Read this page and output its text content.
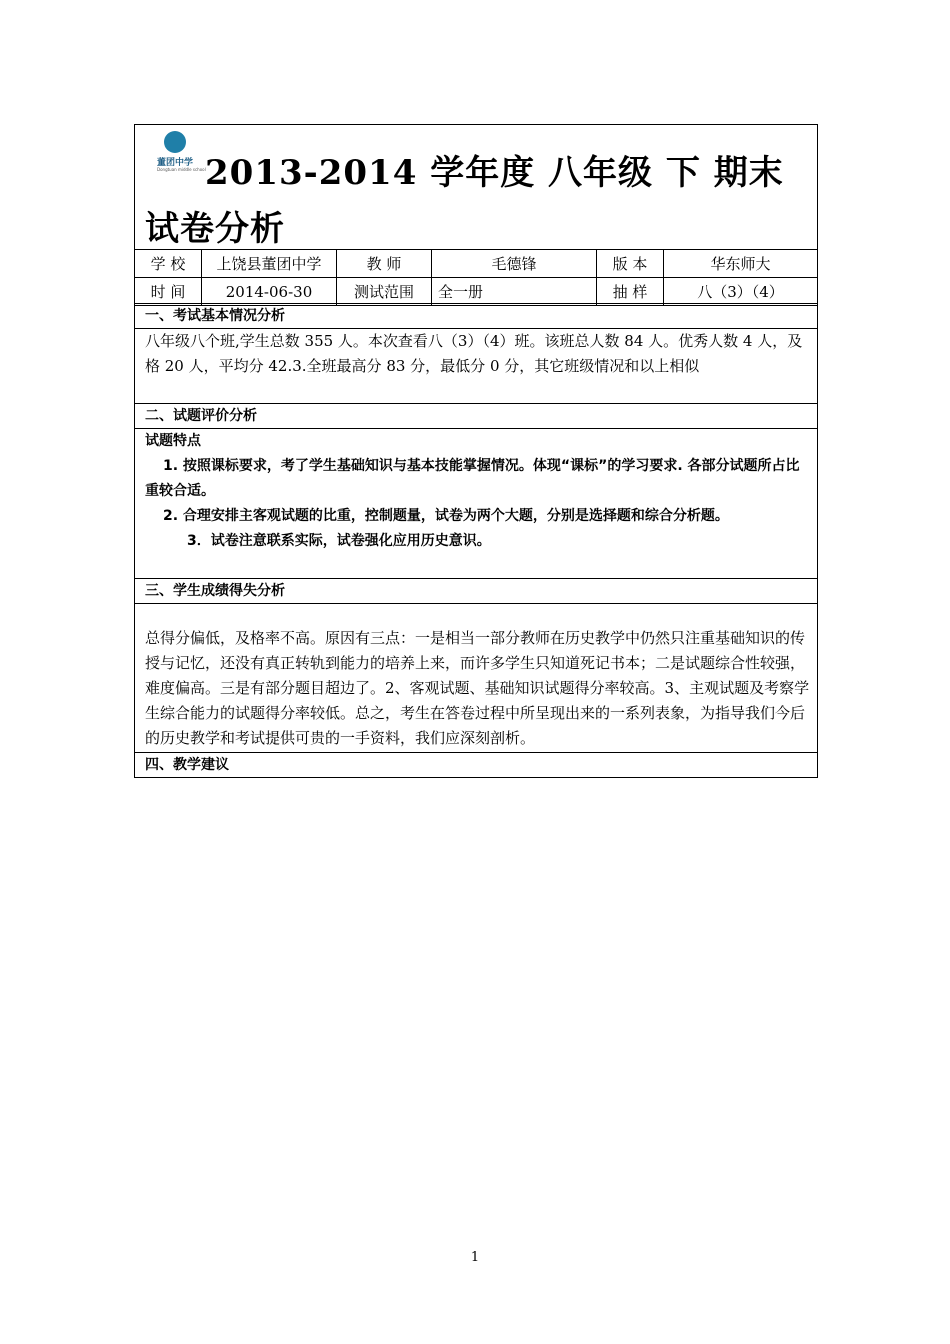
董团中学
Dongtuan middle school 2013-2014 学年度 八年级 下 期末试卷分析
学 校	上饶县董团中学	教 师	毛德锋	版 本	华东师大
时 间	2014-06-30	测试范围	全一册	抽 样	八（3）（4）
一、考试基本情况分析
八年级八个班,学生总数 355 人。本次查看八（3）（4）班。该班总人数 84 人。优秀人数 4 人，及格 20 人，平均分 42.3.全班最高分 83 分，最低分 0 分，其它班级情况和以上相似
二、试题评价分析
试题特点
1. 按照课标要求，考了学生基础知识与基本技能掌握情况。体现“课标”的学习要求. 各部分试题所占比重较合适。
2. 合理安排主客观试题的比重，控制题量，试卷为两个大题，分别是选择题和综合分析题。
3．试卷注意联系实际，试卷强化应用历史意识。
三、学生成绩得失分析
总得分偏低，及格率不高。原因有三点：一是相当一部分教师在历史教学中仍然只注重基础知识的传授与记忆，还没有真正转轨到能力的培养上来，而许多学生只知道死记书本；二是试题综合性较强，难度偏高。三是有部分题目超边了。2、客观试题、基础知识试题得分率较高。3、主观试题及考察学生综合能力的试题得分率较低。总之，考生在答卷过程中所呈现出来的一系列表象，为指导我们今后的历史教学和考试提供可贵的一手资料，我们应深刻剖析。
四、教学建议
1
